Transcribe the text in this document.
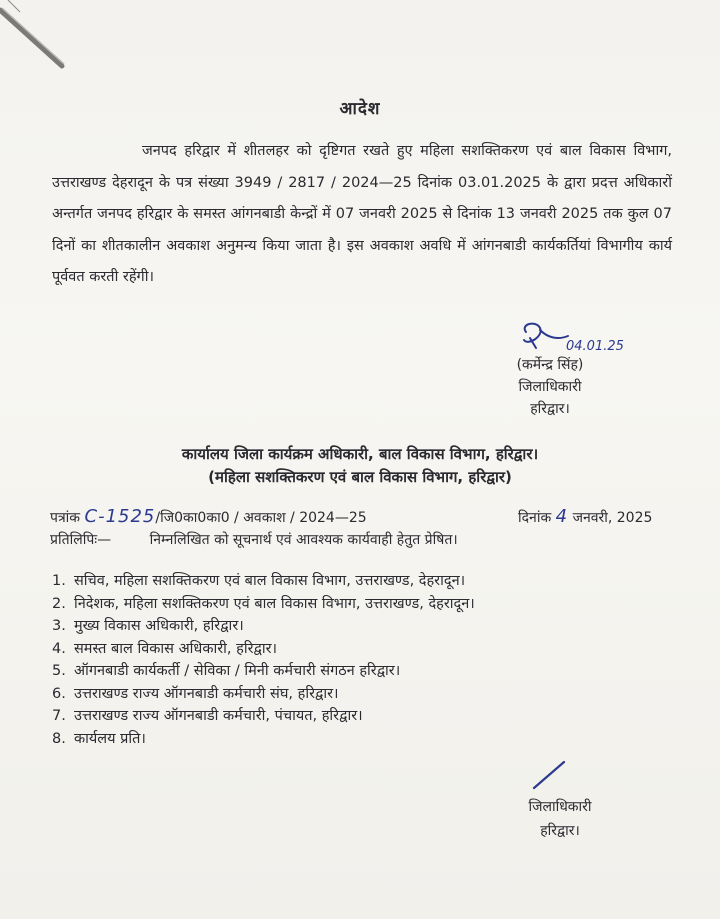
आदेश
जनपद हरिद्वार में शीतलहर को दृष्टिगत रखते हुए महिला सशक्तिकरण एवं बाल विकास विभाग, उत्तराखण्ड देहरादून के पत्र संख्या 3949 / 2817 / 2024—25 दिनांक 03.01.2025 के द्वारा प्रदत्त अधिकारों अन्तर्गत जनपद हरिद्वार के समस्त आंगनबाडी केन्द्रों में 07 जनवरी 2025 से दिनांक 13 जनवरी 2025 तक कुल 07 दिनों का शीतकालीन अवकाश अनुमन्य किया जाता है। इस अवकाश अवधि में आंगनबाडी कार्यकर्तियां विभागीय कार्य पूर्ववत करती रहेंगी।
04.01.25
(कर्मेन्द्र सिंह)
जिलाधिकारी
हरिद्वार।
कार्यालय जिला कार्यक्रम अधिकारी, बाल विकास विभाग, हरिद्वार।
(महिला सशक्तिकरण एवं बाल विकास विभाग, हरिद्वार)
पत्रांक C-1525/जि0का0का0 / अवकाश / 2024—25	दिनांक 4 जनवरी, 2025
प्रतिलिपिः—	निम्नलिखित को सूचनार्थ एवं आवश्यक कार्यवाही हेतुत प्रेषित।
1. सचिव, महिला सशक्तिकरण एवं बाल विकास विभाग, उत्तराखण्ड, देहरादून।
2. निदेशक, महिला सशक्तिकरण एवं बाल विकास विभाग, उत्तराखण्ड, देहरादून।
3. मुख्य विकास अधिकारी, हरिद्वार।
4. समस्त बाल विकास अधिकारी, हरिद्वार।
5. ऑगनबाडी कार्यकर्ती / सेविका / मिनी कर्मचारी संगठन हरिद्वार।
6. उत्तराखण्ड राज्य ऑगनबाडी कर्मचारी संघ, हरिद्वार।
7. उत्तराखण्ड राज्य ऑगनबाडी कर्मचारी, पंचायत, हरिद्वार।
8. कार्यलय प्रति।
जिलाधिकारी
हरिद्वार।
